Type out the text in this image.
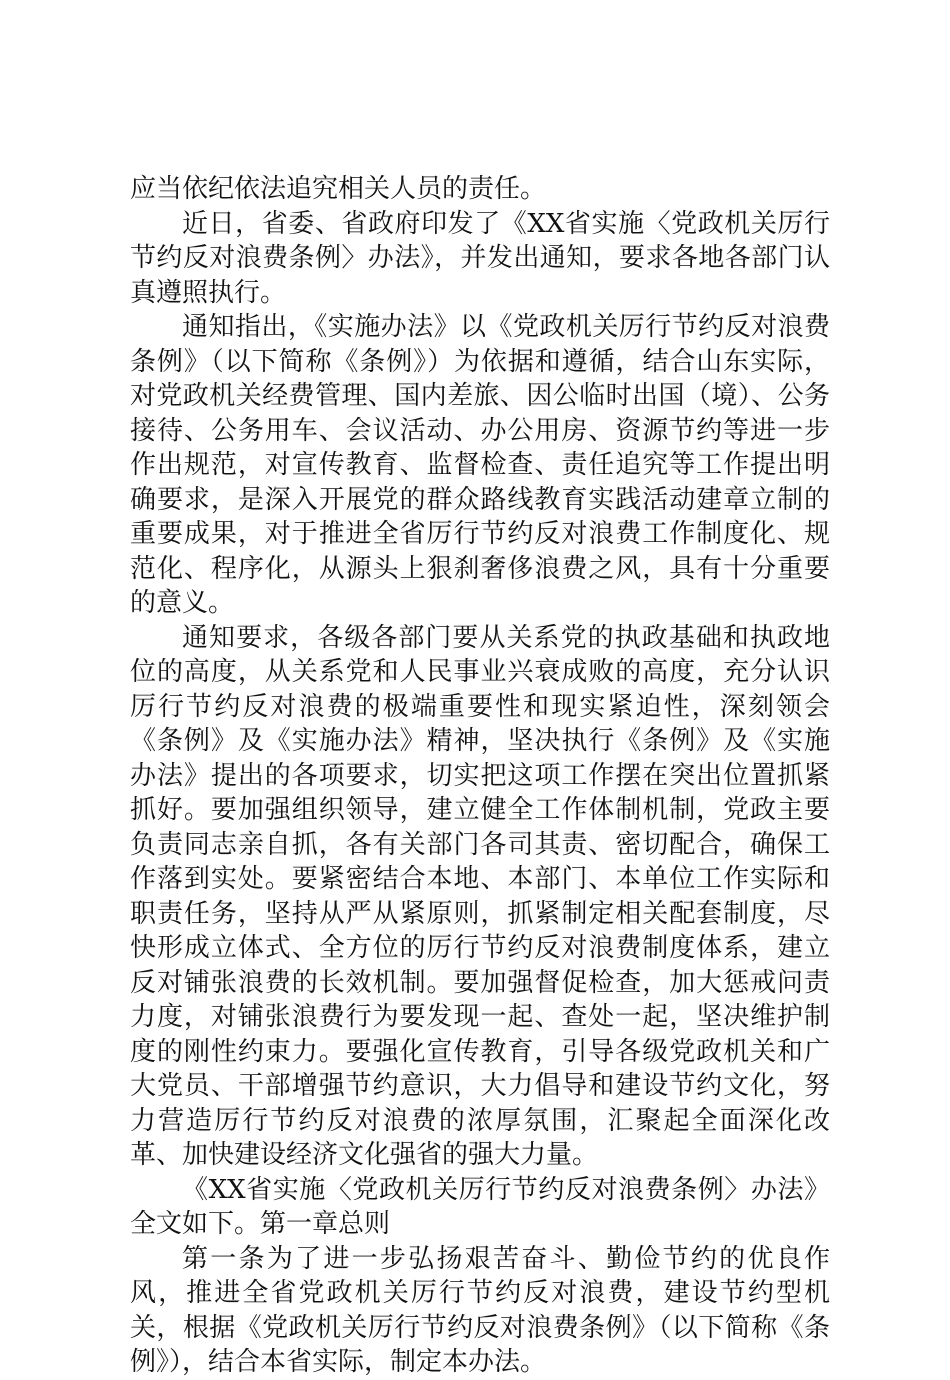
应当依纪依法追究相关人员的责任。

近日，省委、省政府印发了《XX省实施〈党政机关厉行节约反对浪费条例〉办法》，并发出通知，要求各地各部门认真遵照执行。

通知指出，《实施办法》以《党政机关厉行节约反对浪费条例》（以下简称《条例》）为依据和遵循，结合山东实际，对党政机关经费管理、国内差旅、因公临时出国（境）、公务接待、公务用车、会议活动、办公用房、资源节约等进一步作出规范，对宣传教育、监督检查、责任追究等工作提出明确要求，是深入开展党的群众路线教育实践活动建章立制的重要成果，对于推进全省厉行节约反对浪费工作制度化、规范化、程序化，从源头上狠刹奢侈浪费之风，具有十分重要的意义。

通知要求，各级各部门要从关系党的执政基础和执政地位的高度，从关系党和人民事业兴衰成败的高度，充分认识厉行节约反对浪费的极端重要性和现实紧迫性，深刻领会《条例》及《实施办法》精神，坚决执行《条例》及《实施办法》提出的各项要求，切实把这项工作摆在突出位置抓紧抓好。要加强组织领导，建立健全工作体制机制，党政主要负责同志亲自抓，各有关部门各司其责、密切配合，确保工作落到实处。要紧密结合本地、本部门、本单位工作实际和职责任务，坚持从严从紧原则，抓紧制定相关配套制度，尽快形成立体式、全方位的厉行节约反对浪费制度体系，建立反对铺张浪费的长效机制。要加强督促检查，加大惩戒问责力度，对铺张浪费行为要发现一起、查处一起，坚决维护制度的刚性约束力。要强化宣传教育，引导各级党政机关和广大党员、干部增强节约意识，大力倡导和建设节约文化，努力营造厉行节约反对浪费的浓厚氛围，汇聚起全面深化改革、加快建设经济文化强省的强大力量。

《XX省实施〈党政机关厉行节约反对浪费条例〉办法》全文如下。第一章总则

第一条为了进一步弘扬艰苦奋斗、勤俭节约的优良作风，推进全省党政机关厉行节约反对浪费，建设节约型机关，根据《党政机关厉行节约反对浪费条例》（以下简称《条例》），结合本省实际，制定本办法。
